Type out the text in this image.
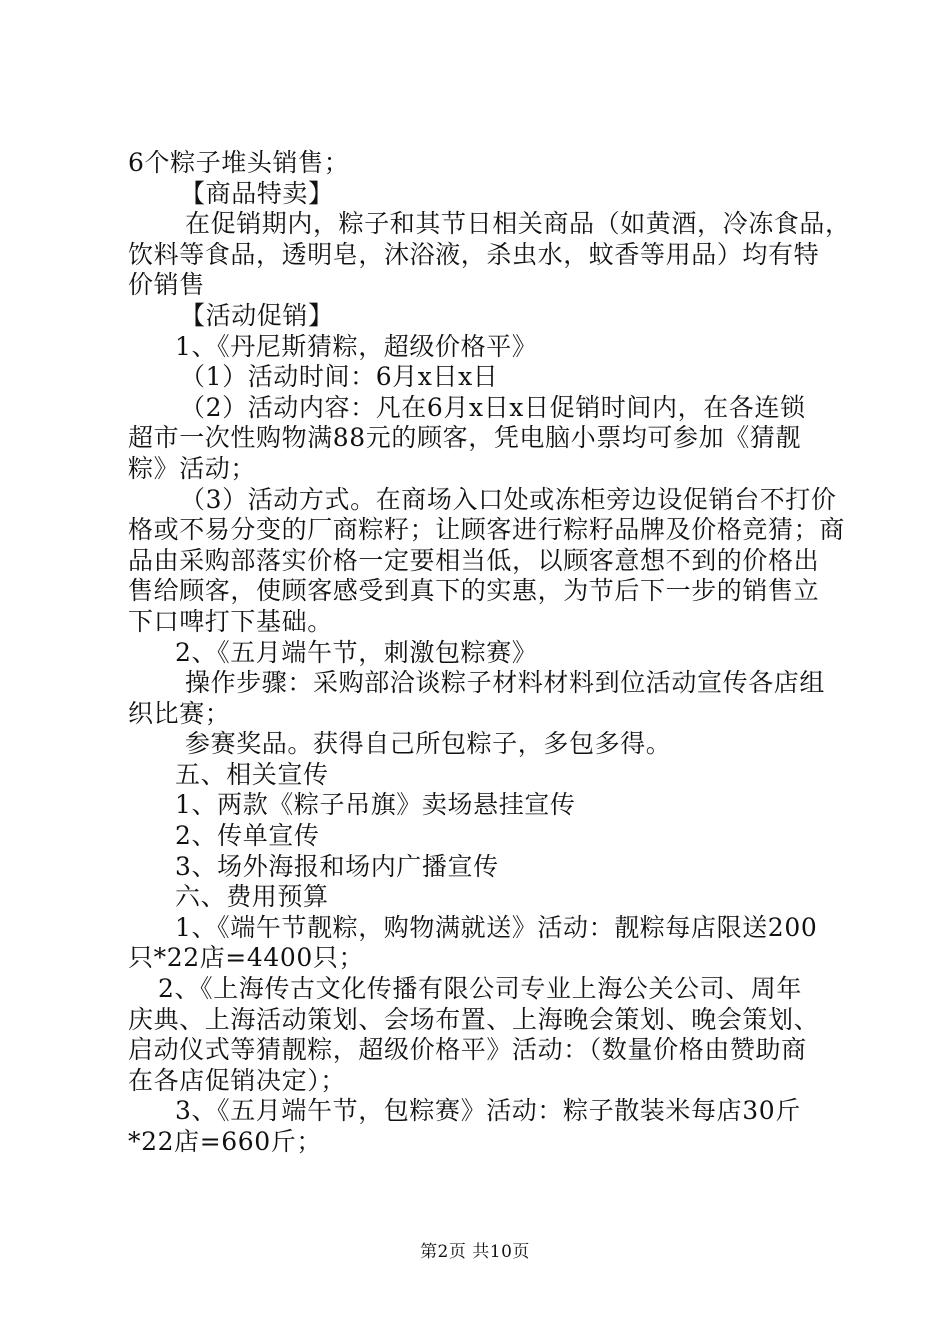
6个粽子堆头销售；
【商品特卖】
在促销期内，粽子和其节日相关商品（如黄酒，冷冻食品，
饮料等食品，透明皂，沐浴液，杀虫水，蚊香等用品）均有特
价销售
【活动促销】
1、《丹尼斯猜粽，超级价格平》
（1）活动时间：6月x日x日
（2）活动内容：凡在6月x日x日促销时间内，在各连锁
超市一次性购物满88元的顾客，凭电脑小票均可参加《猜靓
粽》活动；
（3）活动方式。在商场入口处或冻柜旁边设促销台不打价
格或不易分变的厂商粽籽；让顾客进行粽籽品牌及价格竞猜；商
品由采购部落实价格一定要相当低，以顾客意想不到的价格出
售给顾客，使顾客感受到真下的实惠，为节后下一步的销售立
下口啤打下基础。
2、《五月端午节，刺激包粽赛》
操作步骤：采购部洽谈粽子材料材料到位活动宣传各店组
织比赛；
参赛奖品。获得自己所包粽子，多包多得。
五、相关宣传
1、两款《粽子吊旗》卖场悬挂宣传
2、传单宣传
3、场外海报和场内广播宣传
六、费用预算
1、《端午节靓粽，购物满就送》活动：靓粽每店限送200
只*22店=4400只；
2、《上海传古文化传播有限公司专业上海公关公司、周年
庆典、上海活动策划、会场布置、上海晚会策划、晚会策划、
启动仪式等猜靓粽，超级价格平》活动：（数量价格由赞助商
在各店促销决定）；
3、《五月端午节，包粽赛》活动：粽子散装米每店30斤
*22店=660斤；
第2页 共10页
